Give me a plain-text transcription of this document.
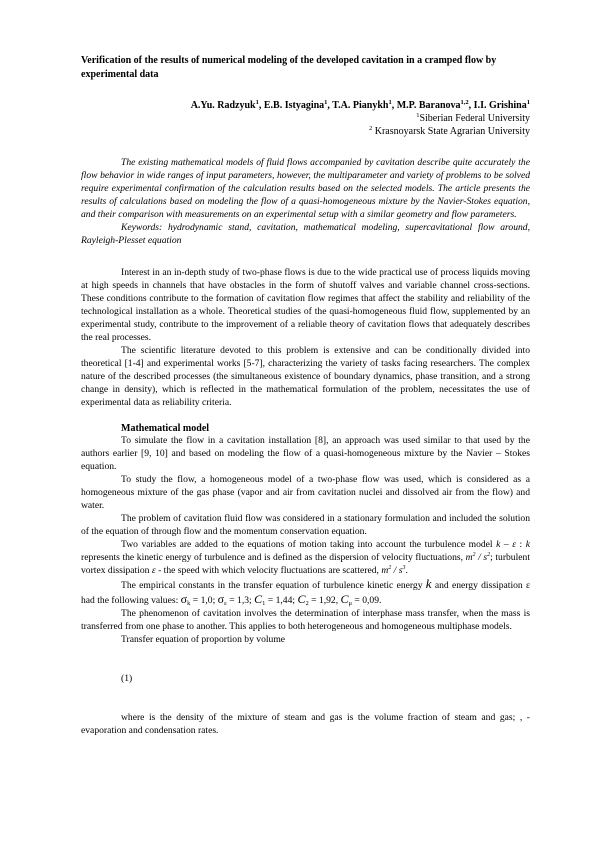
Verification of the results of numerical modeling of the developed cavitation in a cramped flow by experimental data
A.Yu. Radzyuk$^1$, E.B. Istyagina$^1$, T.A. Pianykh$^1$, M.P. Baranova$^{1,2}$, I.I. Grishina$^1$
$^1$Siberian Federal University
$^2$ Krasnoyarsk State Agrarian University

The existing mathematical models of fluid flows accompanied by cavitation describe quite accurately the flow behavior in wide ranges of input parameters, however, the multiparameter and variety of problems to be solved require experimental confirmation of the calculation results based on the selected models. The article presents the results of calculations based on modeling the flow of a quasi-homogeneous mixture by the Navier-Stokes equation, and their comparison with measurements on an experimental setup with a similar geometry and flow parameters.

Keywords: hydrodynamic stand, cavitation, mathematical modeling, supercavitational flow around, Rayleigh-Plesset equation

Interest in an in-depth study of two-phase flows is due to the wide practical use of process liquids moving at high speeds in channels that have obstacles in the form of shutoff valves and variable channel cross-sections. These conditions contribute to the formation of cavitation flow regimes that affect the stability and reliability of the technological installation as a whole. Theoretical studies of the quasi-homogeneous fluid flow, supplemented by an experimental study, contribute to the improvement of a reliable theory of cavitation flows that adequately describes the real processes.

The scientific literature devoted to this problem is extensive and can be conditionally divided into theoretical [1-4] and experimental works [5-7], characterizing the variety of tasks facing researchers. The complex nature of the described processes (the simultaneous existence of boundary dynamics, phase transition, and a strong change in density), which is reflected in the mathematical formulation of the problem, necessitates the use of experimental data as reliability criteria.

Mathematical model

To simulate the flow in a cavitation installation [8], an approach was used similar to that used by the authors earlier [9, 10] and based on modeling the flow of a quasi-homogeneous mixture by the Navier – Stokes equation.

To study the flow, a homogeneous model of a two-phase flow was used, which is considered as a homogeneous mixture of the gas phase (vapor and air from cavitation nuclei and dissolved air from the flow) and water.

The problem of cavitation fluid flow was considered in a stationary formulation and included the solution of the equation of through flow and the momentum conservation equation.

Two variables are added to the equations of motion taking into account the turbulence model k – ε : k represents the kinetic energy of turbulence and is defined as the dispersion of velocity fluctuations, $m^2 / s^2$; turbulent vortex dissipation ε - the speed with which velocity fluctuations are scattered, $m^2 / s^3$.

The empirical constants in the transfer equation of turbulence kinetic energy k and energy dissipation ε had the following values: $\sigma_k = 1,0$; $\sigma_\varepsilon = 1,3$; $C_1 = 1,44$; $C_2 = 1,92$, $C_\mu = 0,09$.

The phenomenon of cavitation involves the determination of interphase mass transfer, when the mass is transferred from one phase to another. This applies to both heterogeneous and homogeneous multiphase models.

Transfer equation of proportion by volume

(1)

where is the density of the mixture of steam and gas is the volume fraction of steam and gas; , - evaporation and condensation rates.
